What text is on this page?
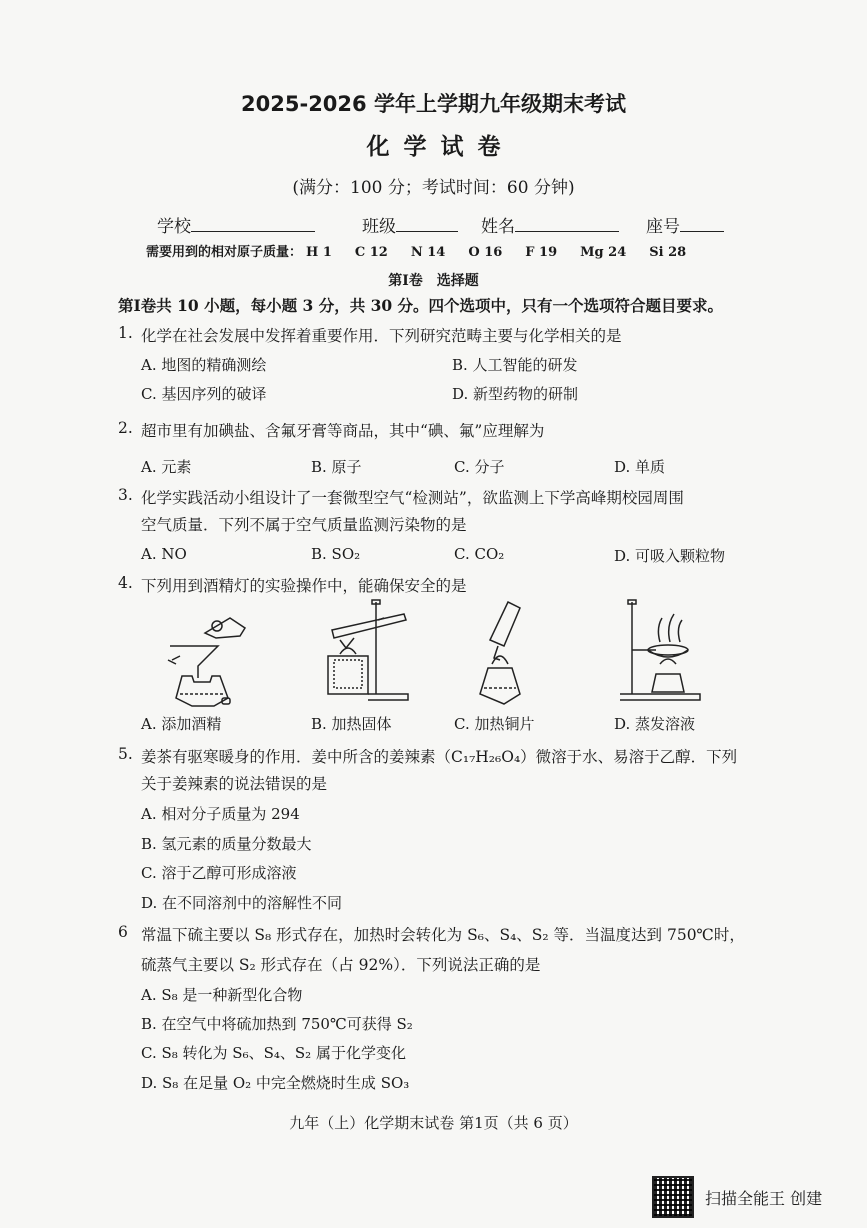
2025-2026 学年上学期九年级期末考试
化学试卷
(满分：100 分；考试时间：60 分钟)
学校	班级	姓名	座号
需要用到的相对原子质量： H 1 C 12 N 14 O 16 F 19 Mg 24 Si 28
第Ⅰ卷　选择题
第Ⅰ卷共 10 小题，每小题 3 分，共 30 分。四个选项中，只有一个选项符合题目要求。
1. 化学在社会发展中发挥着重要作用．下列研究范畴主要与化学相关的是
A. 地图的精确测绘	B. 人工智能的研发
C. 基因序列的破译	D. 新型药物的研制
2. 超市里有加碘盐、含氟牙膏等商品，其中“碘、氟”应理解为
A. 元素	B. 原子	C. 分子	D. 单质
3. 化学实践活动小组设计了一套微型空气“检测站”，欲监测上下学高峰期校园周围
空气质量．下列不属于空气质量监测污染物的是
A. NO	B. SO₂	C. CO₂	D. 可吸入颗粒物
4. 下列用到酒精灯的实验操作中，能确保安全的是
A. 添加酒精	B. 加热固体	C. 加热铜片	D. 蒸发溶液
5. 姜茶有驱寒暖身的作用．姜中所含的姜辣素（C₁₇H₂₆O₄）微溶于水、易溶于乙醇．下列
关于姜辣素的说法错误的是
A. 相对分子质量为 294
B. 氢元素的质量分数最大
C. 溶于乙醇可形成溶液
D. 在不同溶剂中的溶解性不同
6 常温下硫主要以 S₈ 形式存在，加热时会转化为 S₆、S₄、S₂ 等．当温度达到 750℃时，
硫蒸气主要以 S₂ 形式存在（占 92%）．下列说法正确的是
A. S₈ 是一种新型化合物
B. 在空气中将硫加热到 750℃可获得 S₂
C. S₈ 转化为 S₆、S₄、S₂ 属于化学变化
D. S₈ 在足量 O₂ 中完全燃烧时生成 SO₃
九年（上）化学期末试卷 第1页（共 6 页）
扫描全能王 创建
